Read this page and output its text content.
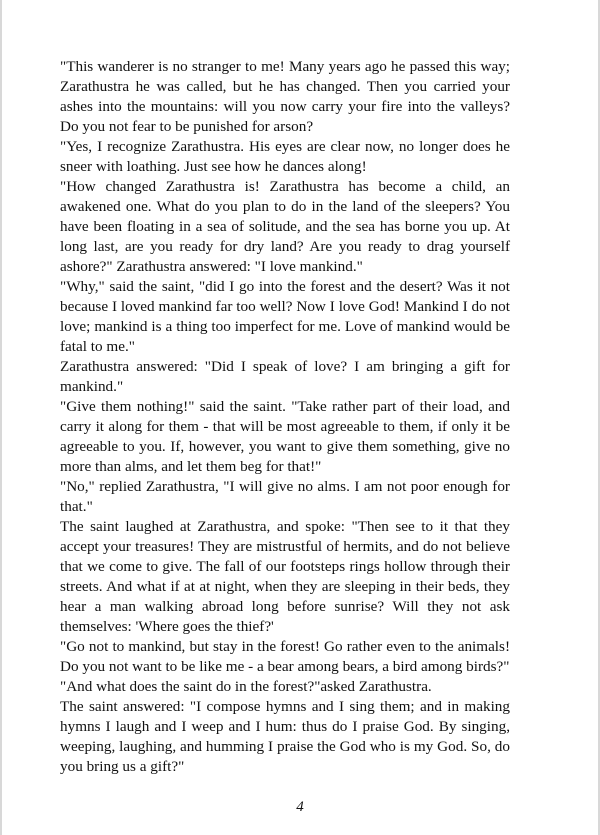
"This wanderer is no stranger to me! Many years ago he passed this way; Zarathustra he was called, but he has changed. Then you carried your ashes into the mountains: will you now carry your fire into the valleys? Do you not fear to be punished for arson?

"Yes, I recognize Zarathustra. His eyes are clear now, no longer does he sneer with loathing. Just see how he dances along!

"How changed Zarathustra is! Zarathustra has become a child, an awakened one. What do you plan to do in the land of the sleepers? You have been floating in a sea of solitude, and the sea has borne you up. At long last, are you ready for dry land? Are you ready to drag yourself ashore?" Zarathustra answered: "I love mankind."

"Why," said the saint, "did I go into the forest and the desert? Was it not because I loved mankind far too well? Now I love God! Mankind I do not love; mankind is a thing too imperfect for me. Love of mankind would be fatal to me."

Zarathustra answered: "Did I speak of love? I am bringing a gift for mankind."

"Give them nothing!" said the saint. "Take rather part of their load, and carry it along for them - that will be most agreeable to them, if only it be agreeable to you. If, however, you want to give them something, give no more than alms, and let them beg for that!"

"No," replied Zarathustra, "I will give no alms. I am not poor enough for that."

The saint laughed at Zarathustra, and spoke: "Then see to it that they accept your treasures! They are mistrustful of hermits, and do not believe that we come to give. The fall of our footsteps rings hollow through their streets. And what if at at night, when they are sleeping in their beds, they hear a man walking abroad long before sunrise? Will they not ask themselves: 'Where goes the thief?'

"Go not to mankind, but stay in the forest! Go rather even to the animals! Do you not want to be like me - a bear among bears, a bird among birds?"

"And what does the saint do in the forest?"asked Zarathustra.

The saint answered: "I compose hymns and I sing them; and in making hymns I laugh and I weep and I hum: thus do I praise God. By singing, weeping, laughing, and humming I praise the God who is my God. So, do you bring us a gift?"

4
